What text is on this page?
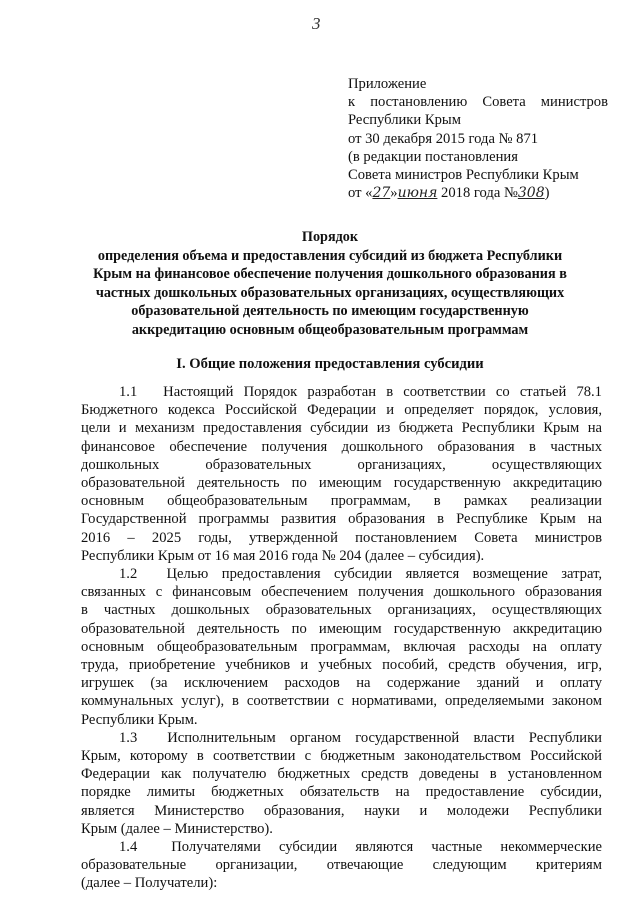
3
Приложение
к постановлению Совета министров
Республики Крым
от 30 декабря 2015 года № 871
(в редакции постановления
Совета министров Республики Крым
от «27»июня 2018 года №308)
Порядок
определения объема и предоставления субсидий из бюджета Республики
Крым на финансовое обеспечение получения дошкольного образования в
частных дошкольных образовательных организациях, осуществляющих
образовательной деятельность по имеющим государственную
аккредитацию основным общеобразовательным программам
I. Общие положения предоставления субсидии
1.1 Настоящий Порядок разработан в соответствии со статьей 78.1
Бюджетного кодекса Российской Федерации и определяет порядок, условия,
цели и механизм предоставления субсидии из бюджета Республики Крым на
финансовое обеспечение получения дошкольного образования в частных
дошкольных образовательных организациях, осуществляющих
образовательной деятельность по имеющим государственную аккредитацию
основным общеобразовательным программам, в рамках реализации
Государственной программы развития образования в Республике Крым на
2016 – 2025 годы, утвержденной постановлением Совета министров
Республики Крым от 16 мая 2016 года № 204 (далее – субсидия).
1.2 Целью предоставления субсидии является возмещение затрат,
связанных с финансовым обеспечением получения дошкольного образования
в частных дошкольных образовательных организациях, осуществляющих
образовательной деятельность по имеющим государственную аккредитацию
основным общеобразовательным программам, включая расходы на оплату
труда, приобретение учебников и учебных пособий, средств обучения, игр,
игрушек (за исключением расходов на содержание зданий и оплату
коммунальных услуг), в соответствии с нормативами, определяемыми законом
Республики Крым.
1.3 Исполнительным органом государственной власти Республики
Крым, которому в соответствии с бюджетным законодательством Российской
Федерации как получателю бюджетных средств доведены в установленном
порядке лимиты бюджетных обязательств на предоставление субсидии,
является Министерство образования, науки и молодежи Республики
Крым (далее – Министерство).
1.4 Получателями субсидии являются частные некоммерческие
образовательные организации, отвечающие следующим критериям
(далее – Получатели):
